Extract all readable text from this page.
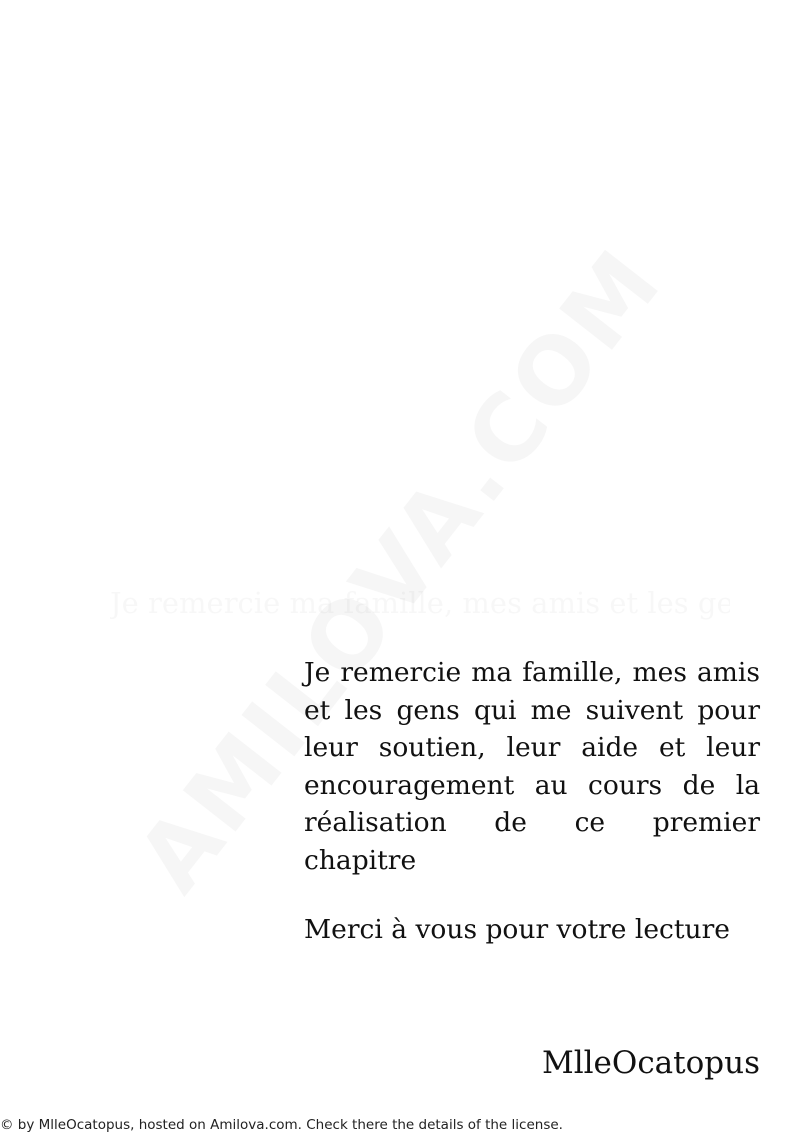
Je remercie ma famille, mes amis et les gens qui me suivent pour leur soutien, leur aide et leur encouragement au cours de la réalisation de ce premier chapitre

Merci à vous pour votre lecture

MlleOcatopus

© by MlleOcatopus, hosted on Amilova.com. Check there the details of the license.
